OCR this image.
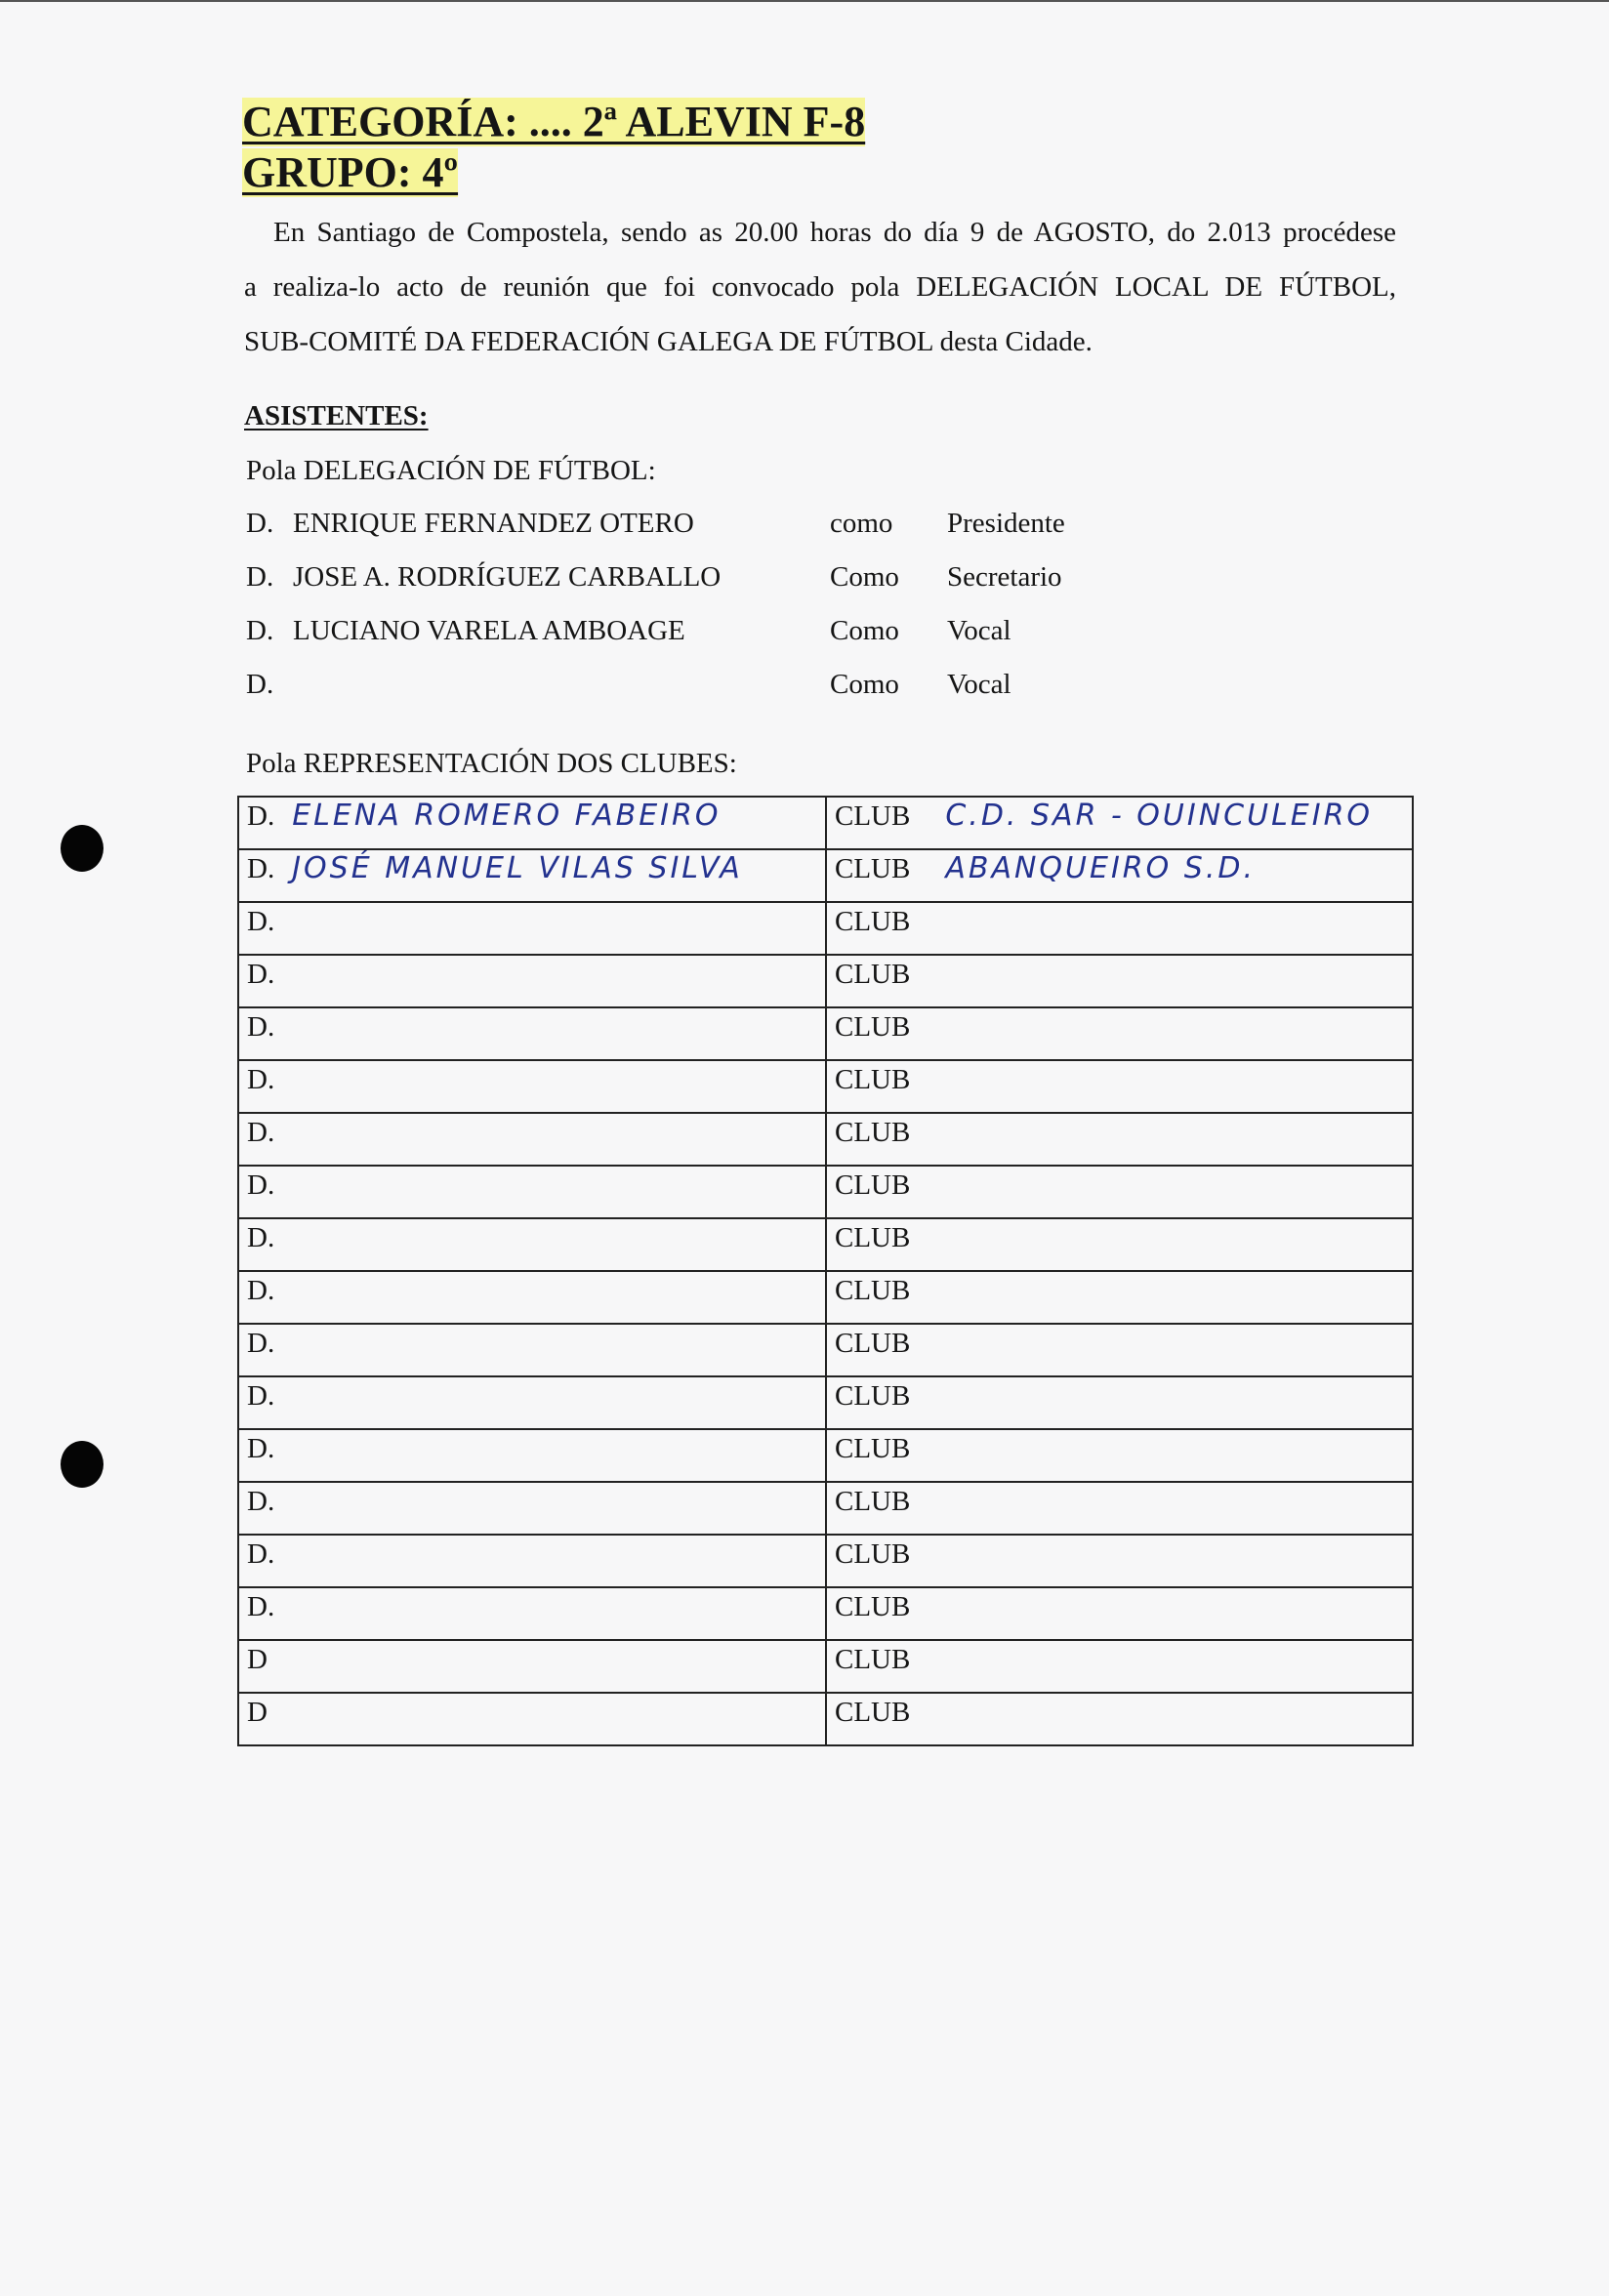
CATEGORÍA: .... 2ª ALEVIN F-8
GRUPO: 4º
En Santiago de Compostela, sendo as 20.00 horas do día 9 de AGOSTO, do 2.013 procédese
a realiza-lo acto de reunión que foi convocado pola DELEGACIÓN LOCAL DE FÚTBOL,
SUB-COMITÉ DA FEDERACIÓN GALEGA DE FÚTBOL desta Cidade.
ASISTENTES:
Pola DELEGACIÓN DE FÚTBOL:
D. ENRIQUE FERNANDEZ OTERO	como Presidente
D. JOSE A. RODRÍGUEZ CARBALLO	Como Secretario
D. LUCIANO VARELA AMBOAGE	Como Vocal
D.	Como Vocal
Pola REPRESENTACIÓN DOS CLUBES:
D. ELENA ROMERO FABEIRO	CLUB C.D. SAR - OUINCULEIRO
D. JOSÉ MANUEL VILAS SILVA	CLUB ABANQUEIRO S.D.
D.	CLUB
D.	CLUB
D.	CLUB
D.	CLUB
D.	CLUB
D.	CLUB
D.	CLUB
D.	CLUB
D.	CLUB
D.	CLUB
D.	CLUB
D.	CLUB
D.	CLUB
D.	CLUB
D	CLUB
D	CLUB
